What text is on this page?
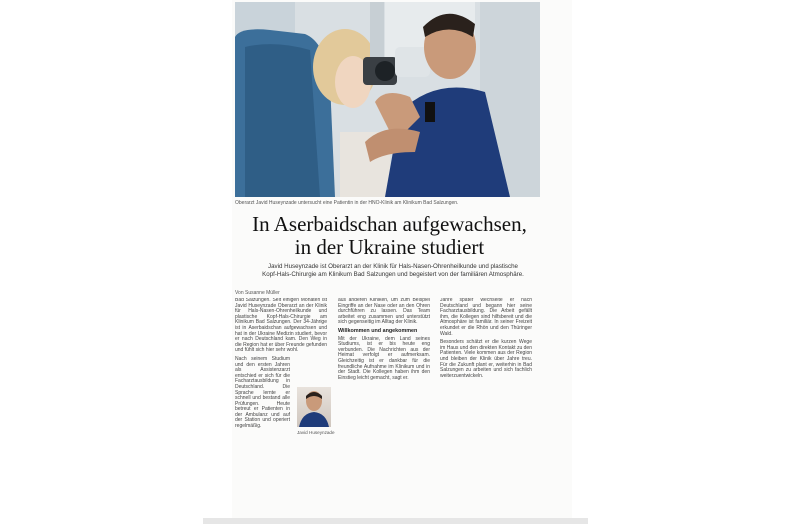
Oberarzt Javid Huseynzade untersucht eine Patientin in der HNO-Klinik am Klinikum Bad Salzungen.
In Aserbaidschan aufgewachsen,
in der Ukraine studiert
Javid Huseynzade ist Oberarzt an der Klinik für Hals-Nasen-Ohrenheilkunde und plastische Kopf-Hals-Chirurgie am Klinikum Bad Salzungen und begeistert von der familiären Atmosphäre.
Von Susanne Müller

Bad Salzungen. Seit einigen Monaten ist Javid Huseynzade Oberarzt an der Klinik für Hals-Nasen-Ohrenheilkunde und plastische Kopf-Hals-Chirurgie am Klinikum Bad Salzungen. Der 34-Jährige ist in Aserbaidschan aufgewachsen und hat in der Ukraine Medizin studiert, bevor er nach Deutschland kam. Den Weg in die Region hat er über Freunde gefunden und fühlt sich hier sehr wohl.

Nach seinem Studium und den ersten Jahren als Assistenzarzt entschied er sich für die Facharztausbildung in Deutschland. Die Sprache lernte er schnell und bestand alle Prüfungen. Heute betreut er Patienten in der Ambulanz und auf der Station und operiert regelmäßig.

Javid Huseynzade

aus anderen Kliniken, um zum Beispiel Eingriffe an der Nase oder an den Ohren durchführen zu lassen. Das Team arbeitet eng zusammen und unterstützt sich gegenseitig im Alltag der Klinik.

Willkommen und angekommen

Mit der Ukraine, dem Land seines Studiums, ist er bis heute eng verbunden. Die Nachrichten aus der Heimat verfolgt er aufmerksam. Gleichzeitig ist er dankbar für die freundliche Aufnahme im Klinikum und in der Stadt. Die Kollegen haben ihm den Einstieg leicht gemacht, sagt er.

Jahre später wechselte er nach Deutschland und begann hier seine Facharztausbildung. Die Arbeit gefällt ihm, die Kollegen sind hilfsbereit und die Atmosphäre ist familiär. In seiner Freizeit erkundet er die Rhön und den Thüringer Wald.

Besonders schätzt er die kurzen Wege im Haus und den direkten Kontakt zu den Patienten. Viele kommen aus der Region und bleiben der Klinik über Jahre treu. Für die Zukunft plant er, weiterhin in Bad Salzungen zu arbeiten und sich fachlich weiterzuentwickeln.
